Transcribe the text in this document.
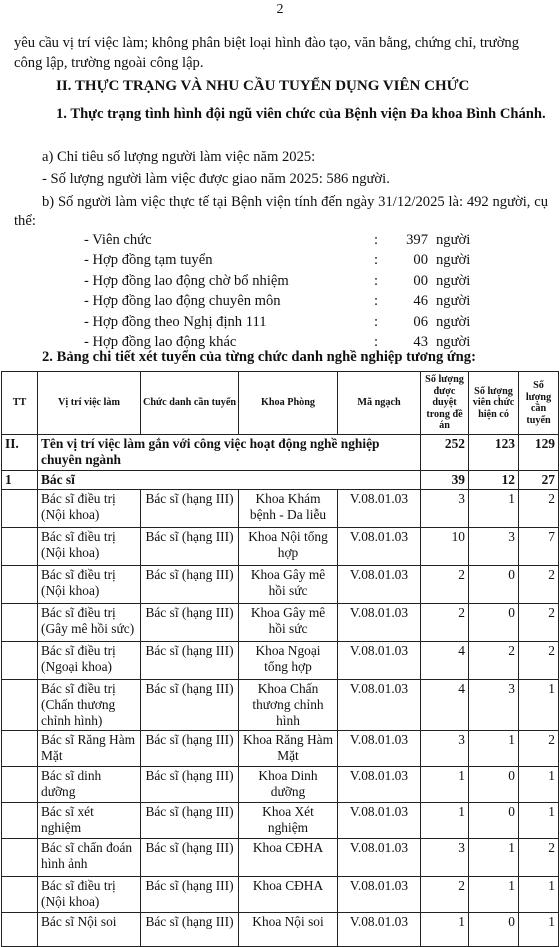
2

yêu cầu vị trí việc làm; không phân biệt loại hình đào tạo, văn bằng, chứng chỉ, trường

công lập, trường ngoài công lập.

II. THỰC TRẠNG VÀ NHU CẦU TUYỂN DỤNG VIÊN CHỨC

1. Thực trạng tình hình đội ngũ viên chức của Bệnh viện Đa khoa Bình Chánh.

a) Chỉ tiêu số lượng người làm việc năm 2025:

- Số lượng người làm việc được giao năm 2025: 586 người.

b) Số người làm việc thực tế tại Bệnh viện tính đến ngày 31/12/2025 là: 492 người, cụ thể:

- Viên chức	: 397 người
- Hợp đồng tạm tuyển	:	00 người
- Hợp đồng lao động chờ bổ nhiệm	:	00 người
- Hợp đồng lao động chuyên môn	:	46 người
- Hợp đồng theo Nghị định 111	:	06 người
- Hợp đồng lao động khác	:	43 người

2. Bảng chi tiết xét tuyển của từng chức danh nghề nghiệp tương ứng:

TT	Vị trí việc làm	Chức danh cần tuyển	Khoa Phòng	Mã ngạch	Số lượng được duyệt trong đề án	Số lượng viên chức hiện có	Số lượng cần tuyển
II.	Tên vị trí việc làm gắn với công việc hoạt động nghề nghiệp chuyên ngành				252	123	129
1	Bác sĩ				39	12	27
	Bác sĩ điều trị (Nội khoa)	Bác sĩ (hạng III)	Khoa Khám bệnh - Da liễu	V.08.01.03	3	1	2
	Bác sĩ điều trị (Nội khoa)	Bác sĩ (hạng III)	Khoa Nội tổng hợp	V.08.01.03	10	3	7
	Bác sĩ điều trị (Nội khoa)	Bác sĩ (hạng III)	Khoa Gây mê hồi sức	V.08.01.03	2	0	2
	Bác sĩ điều trị (Gây mê hồi sức)	Bác sĩ (hạng III)	Khoa Gây mê hồi sức	V.08.01.03	2	0	2
	Bác sĩ điều trị (Ngoại khoa)	Bác sĩ (hạng III)	Khoa Ngoại tổng hợp	V.08.01.03	4	2	2
	Bác sĩ điều trị (Chấn thương chỉnh hình)	Bác sĩ (hạng III)	Khoa Chấn thương chỉnh hình	V.08.01.03	4	3	1
	Bác sĩ Răng Hàm Mặt	Bác sĩ (hạng III)	Khoa Răng Hàm Mặt	V.08.01.03	3	1	2
	Bác sĩ dinh dưỡng	Bác sĩ (hạng III)	Khoa Dinh dưỡng	V.08.01.03	1	0	1
	Bác sĩ xét nghiệm	Bác sĩ (hạng III)	Khoa Xét nghiệm	V.08.01.03	1	0	1
	Bác sĩ chẩn đoán hình ảnh	Bác sĩ (hạng III)	Khoa CĐHA	V.08.01.03	3	1	2
	Bác sĩ điều trị (Nội khoa)	Bác sĩ (hạng III)	Khoa CĐHA	V.08.01.03	2	1	1
	Bác sĩ Nội soi	Bác sĩ (hạng III)	Khoa Nội soi	V.08.01.03	1	0	1
